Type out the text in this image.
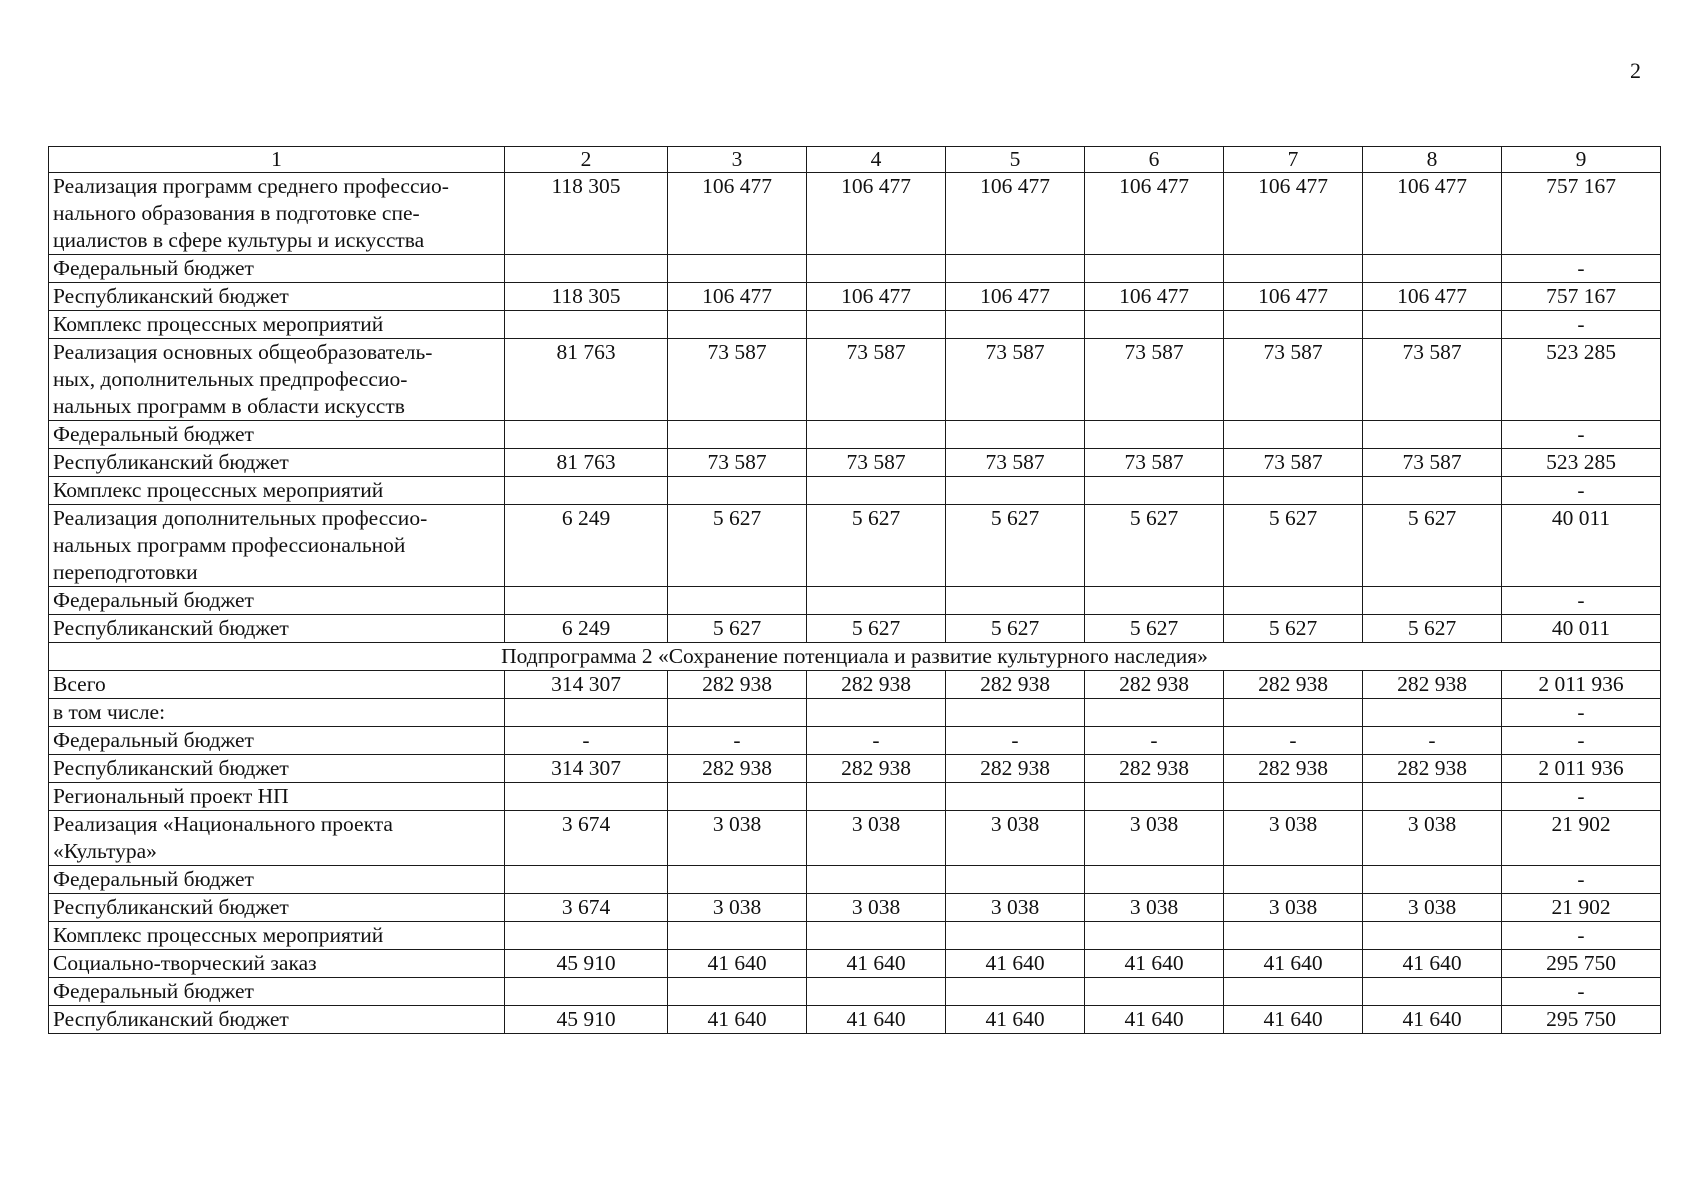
2
1	2	3	4	5	6	7	8	9

Реализация программ среднего профессио-
нального образования в подготовке спе-
циалистов в сфере культуры и искусства	118 305	106 477	106 477	106 477	106 477	106 477	106 477	757 167
Федеральный бюджет								-
Республиканский бюджет	118 305	106 477	106 477	106 477	106 477	106 477	106 477	757 167
Комплекс процессных мероприятий								-

Реализация основных общеобразователь-
ных, дополнительных предпрофессио-
нальных программ в области искусств	81 763	73 587	73 587	73 587	73 587	73 587	73 587	523 285
Федеральный бюджет								-
Республиканский бюджет	81 763	73 587	73 587	73 587	73 587	73 587	73 587	523 285
Комплекс процессных мероприятий								-

Реализация дополнительных профессио-
нальных программ профессиональной
переподготовки	6 249	5 627	5 627	5 627	5 627	5 627	5 627	40 011
Федеральный бюджет								-
Республиканский бюджет	6 249	5 627	5 627	5 627	5 627	5 627	5 627	40 011
Подпрограмма 2 «Сохранение потенциала и развитие культурного наследия»								
Всего	314 307	282 938	282 938	282 938	282 938	282 938	282 938	2 011 936
в том числе:								-
Федеральный бюджет	-	-	-	-	-	-	-	-
Республиканский бюджет	314 307	282 938	282 938	282 938	282 938	282 938	282 938	2 011 936
Региональный проект НП								-

Реализация «Национального проекта
«Культура»	3 674	3 038	3 038	3 038	3 038	3 038	3 038	21 902
Федеральный бюджет								-
Республиканский бюджет	3 674	3 038	3 038	3 038	3 038	3 038	3 038	21 902
Комплекс процессных мероприятий								-
Социально-творческий заказ	45 910	41 640	41 640	41 640	41 640	41 640	41 640	295 750
Федеральный бюджет								-
Республиканский бюджет	45 910	41 640	41 640	41 640	41 640	41 640	41 640	295 750
